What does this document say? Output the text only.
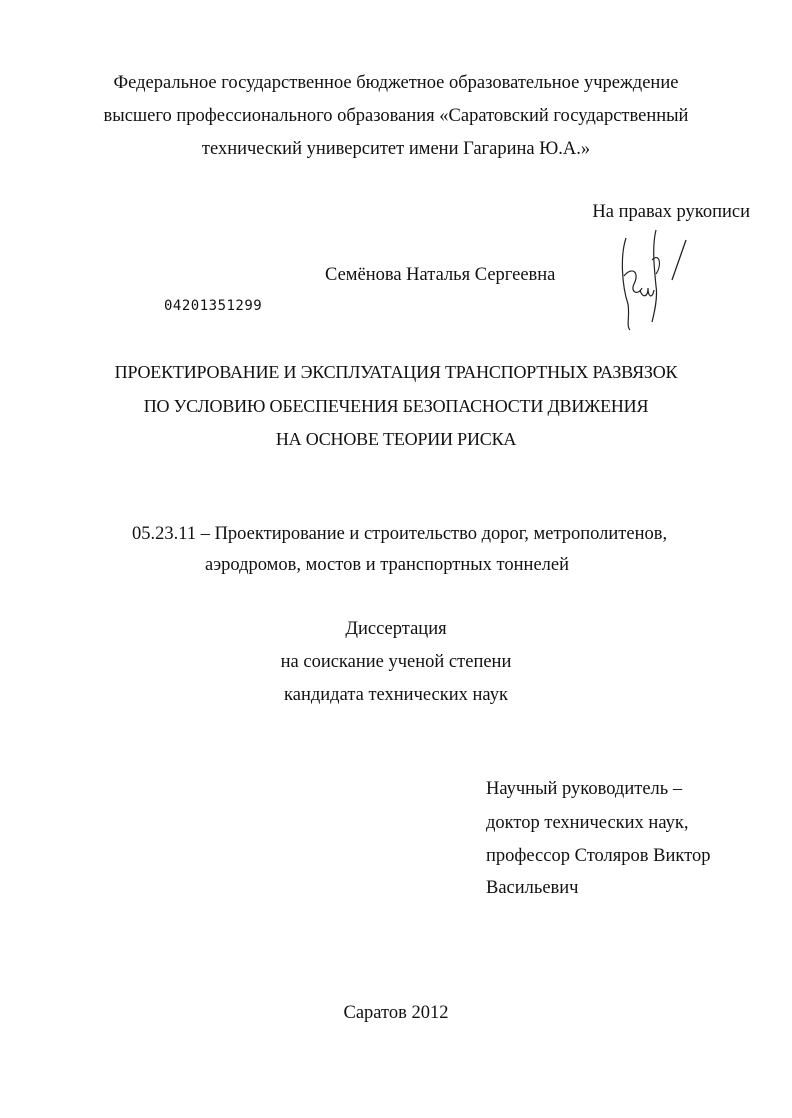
Федеральное государственное бюджетное образовательное учреждение
высшего профессионального образования «Саратовский государственный
технический университет имени Гагарина Ю.А.»
На правах рукописи
Семёнова Наталья Сергеевна
04201351299
ПРОЕКТИРОВАНИЕ И ЭКСПЛУАТАЦИЯ ТРАНСПОРТНЫХ РАЗВЯЗОК
ПО УСЛОВИЮ ОБЕСПЕЧЕНИЯ БЕЗОПАСНОСТИ ДВИЖЕНИЯ
НА ОСНОВЕ ТЕОРИИ РИСКА
05.23.11 – Проектирование и строительство дорог, метрополитенов,
аэродромов, мостов и транспортных тоннелей
Диссертация
на соискание ученой степени
кандидата технических наук
Научный руководитель –
доктор технических наук,
профессор Столяров Виктор
Васильевич
Саратов 2012
